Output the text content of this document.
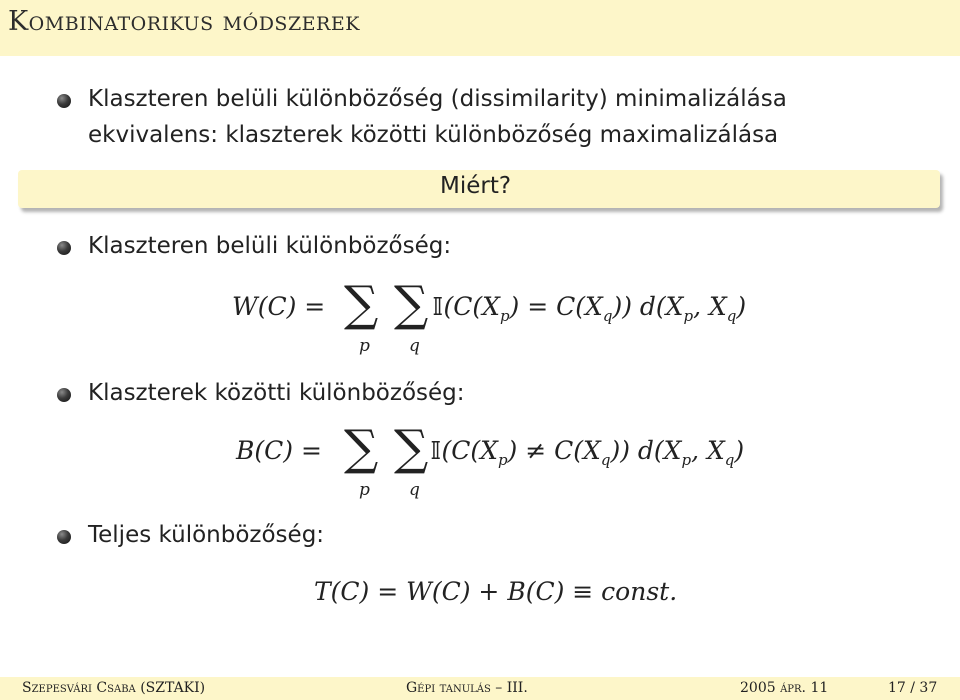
Kombinatorikus módszerek
Klaszteren belüli különbözőség (dissimilarity) minimalizálása
ekvivalens: klaszterek közötti különbözőség maximalizálása
Miért?
Klaszteren belüli különbözőség:
W(C) = ∑
p
∑
q
$𝕀(C(X_p) = C(X_q))$ $d(X_p$, $X_q$)
Klaszterek közötti különbözőség:
B(C) = ∑
p
∑
q
$𝕀(C(X_p) \ne C(X_q))$ $d(X_p$, $X_q$)
Teljes különbözőség:
T(C) = W(C) + B(C) ≡ const.
Szepesvári Csaba (SZTAKI)	Gépi tanulás – III.	2005 ápr. 11	17 / 37
